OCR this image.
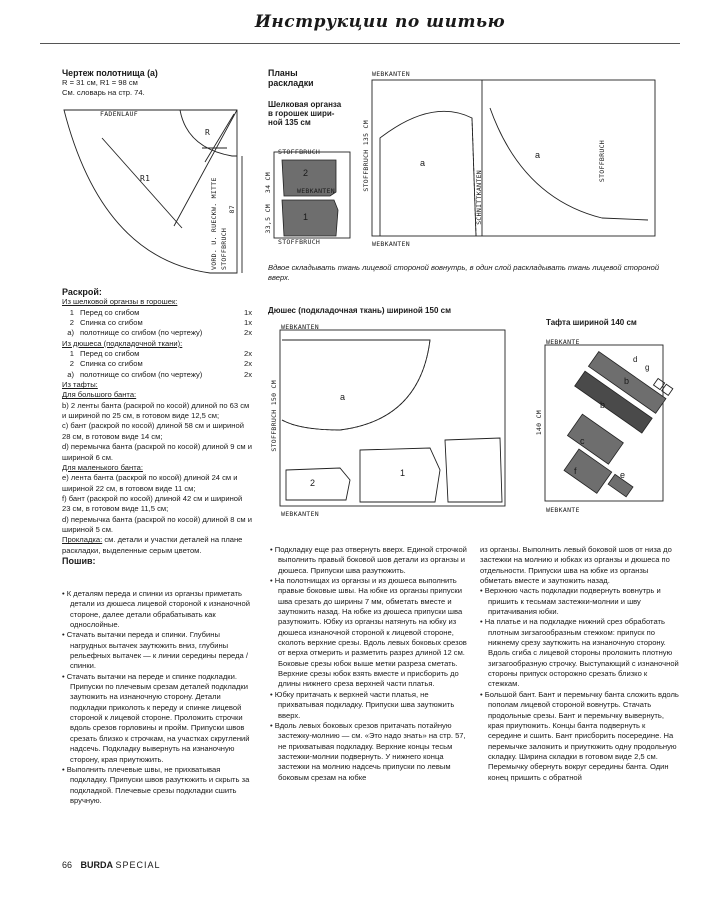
Инструкции по шитью
Чертеж полотнища (а)
R = 31 см, R1 = 98 см
См. словарь на стр. 74.
FADENLAUF
R
R1	VORD. U. RUECKW. MITTE STOFFBRUCH
87
Раскрой:
Из шелковой органзы в горошек:
1 Перед со сгибом	1x
2 Спинка со сгибом	1x
а) полотнище со сгибом (по чертежу)	2x
Из дюшеса (подкладочной ткани):
1 Перед со сгибом	2x
2 Спинка со сгибом	2x
а) полотнище со сгибом (по чертежу)	2x
Из тафты:
Для большого банта:

b) 2 ленты банта (раскрой по косой) длиной по 63 см и шириной по 25 см, в готовом виде 12,5 см;

c) бант (раскрой по косой) длиной 58 см и шириной 28 см, в готовом виде 14 см;

d) перемычка банта (раскрой по косой) длиной 9 см и шириной 6 см.

Для маленького банта:

e) лента банта (раскрой по косой) длиной 24 см и шириной 22 см, в готовом виде 11 см;

f) бант (раскрой по косой) длиной 42 см и шириной 23 см, в готовом виде 11,5 см;

d) перемычка банта (раскрой по косой) длиной 8 см и шириной 5 см.

Прокладка: см. детали и участки деталей на плане раскладки, выделенные серым цветом.

Пошив:

• К деталям переда и спинки из органзы приметать детали из дюшеса лицевой стороной к изнаночной стороне, далее детали обрабатывать как однослойные.

• Стачать вытачки переда и спинки. Глубины нагрудных вытачек заутюжить вниз, глубины рельефных вытачек — к линии середины переда /спинки.

• Стачать вытачки на переде и спинке подкладки. Припуски по плечевым срезам деталей подкладки заутюжить на изнаночную сторону. Детали подкладки приколоть к переду и спинке лицевой стороной к лицевой стороне. Проложить строчки вдоль срезов горловины и пройм. Припуски швов срезать близко к строчкам, на участках скруглений надсечь. Подкладку вывернуть на изнаночную сторону, края приутюжить.

• Выполнить плечевые швы, не прихватывая подкладку. Припуски швов разутюжить и скрыть за подкладкой. Плечевые срезы подкладки сшить вручную.

Планы
раскладки
Шелковая органза
в горошек шири-
ной 135 см
STOFFBRUCH
WEBKANTEN
STOFFBRUCH
34 CM
33,5 CM
2
1
WEBKANTEN
WEBKANTEN
STOFFBRUCH 135 CM
SCHNITTKANTEN
STOFFBRUCH
a
a
Вдвое складывать ткань лицевой стороной вовнутрь, в один слой раскладывать ткань лицевой стороной вверх.
Дюшес (подкладочная ткань) шириной 150 см
WEBKANTEN
WEBKANTEN
STOFFBRUCH 150 CM	a
2
1
Тафта шириной 140 см
WEBKANTE
WEBKANTE
140 CM
b
b
c
d
g
f	e

• Подкладку еще раз отвернуть вверх. Единой строчкой выполнить правый боковой шов детали из органзы и дюшеса. Припуски шва разутюжить.

• На полотнищах из органзы и из дюшеса выполнить правые боковые швы. На юбке из органзы припуски шва срезать до ширины 7 мм, обметать вместе и заутюжить назад. На юбке из дюшеса припуски шва разутюжить. Юбку из органзы натянуть на юбку из дюшеса изнаночной стороной к лицевой стороне, сколоть верхние срезы. Вдоль левых боковых срезов от верха отмерить и разметить разрез длиной 12 см. Боковые срезы юбок выше метки разреза сметать. Верхние срезы юбок взять вместе и присборить до длины нижнего среза верхней части платья.

• Юбку притачать к верхней части платья, не прихватывая подкладку. Припуски шва заутюжить вверх.

• Вдоль левых боковых срезов притачать потайную застежку-молнию — см. «Это надо знать» на стр. 57, не прихватывая подкладку. Верхние концы тесьм застежки-молнии подвернуть. У нижнего конца застежки на молнию надсечь припуски по левым боковым срезам на юбке

из органзы. Выполнить левый боковой шов от низа до застежки на молнию и юбках из органзы и дюшеса по отдельности. Припуски шва на юбке из органзы обметать вместе и заутюжить назад.

• Верхнюю часть подкладки подвернуть вовнутрь и пришить к тесьмам застежки-молнии и шву притачивания юбки.

• На платье и на подкладке нижний срез обработать плотным зигзагообразным стежком: припуск по нижнему срезу заутюжить на изнаночную сторону. Вдоль сгиба с лицевой стороны проложить плотную зигзагообразную строчку. Выступающий с изнаночной стороны припуск осторожно срезать близко к стежкам.

• Большой бант. Бант и перемычку банта сложить вдоль пополам лицевой стороной вовнутрь. Стачать продольные срезы. Бант и перемычку вывернуть, края приутюжить. Концы банта подвернуть к середине и сшить. Бант присборить посередине. На перемычке заложить и приутюжить одну продольную складку. Ширина складки в готовом виде 2,5 см. Перемычку обернуть вокруг середины банта. Один конец пришить с обратной

66 BURDA SPECIAL
